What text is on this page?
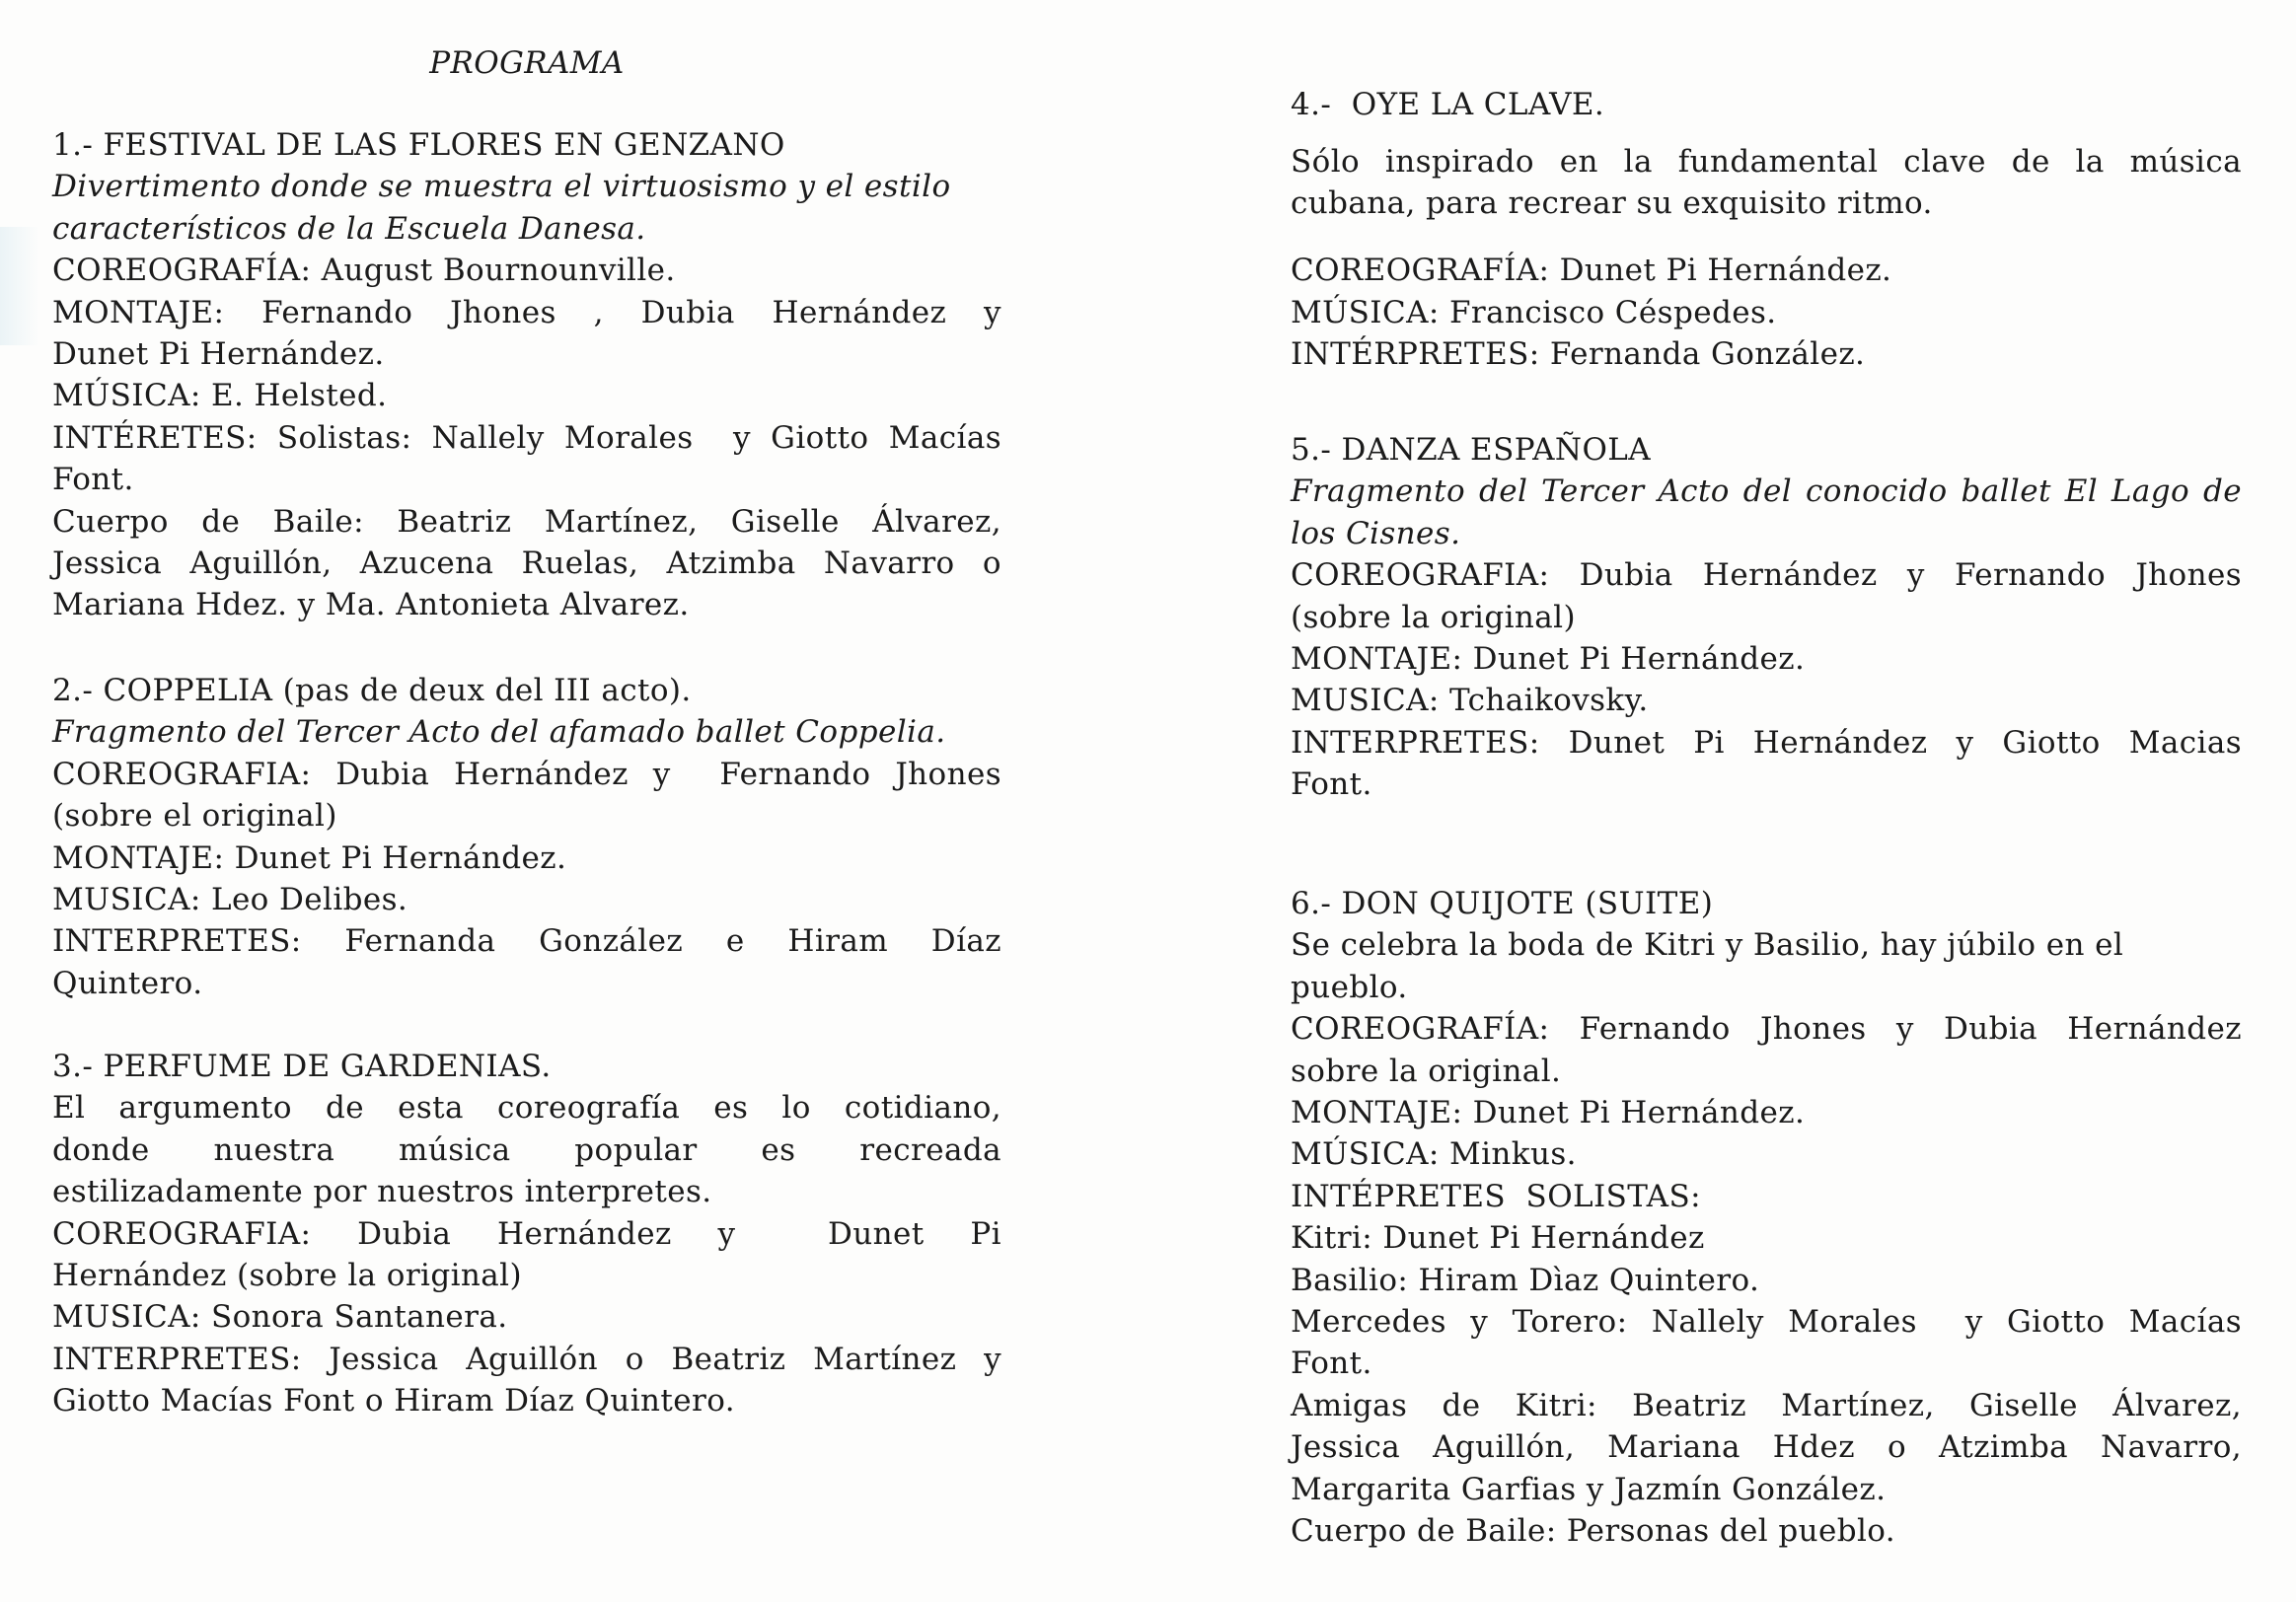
PROGRAMA
1.- FESTIVAL DE LAS FLORES EN GENZANO
Divertimento donde se muestra el virtuosismo y el estilo
característicos de la Escuela Danesa.
COREOGRAFÍA: August Bournounville.
MONTAJE: Fernando Jhones , Dubia Hernández y
Dunet Pi Hernández.
MÚSICA: E. Helsted.
INTÉRETES: Solistas: Nallely Morales  y Giotto Macías
Font.
Cuerpo de Baile: Beatriz Martínez, Giselle Álvarez,
Jessica Aguillón, Azucena Ruelas, Atzimba Navarro o
Mariana Hdez. y Ma. Antonieta Alvarez.
2.- COPPELIA (pas de deux del III acto).
Fragmento del Tercer Acto del afamado ballet Coppelia.
COREOGRAFIA: Dubia Hernández y  Fernando Jhones
(sobre el original)
MONTAJE: Dunet Pi Hernández.
MUSICA: Leo Delibes.
INTERPRETES: Fernanda González e Hiram Díaz
Quintero.
3.- PERFUME DE GARDENIAS.
El argumento de esta coreografía es lo cotidiano,
donde nuestra música popular es recreada
estilizadamente por nuestros interpretes.
COREOGRAFIA: Dubia Hernández y  Dunet Pi
Hernández (sobre la original)
MUSICA: Sonora Santanera.
INTERPRETES: Jessica Aguillón o Beatriz Martínez y
Giotto Macías Font o Hiram Díaz Quintero.
4.-  OYE LA CLAVE.
Sólo inspirado en la fundamental clave de la música
cubana, para recrear su exquisito ritmo.
COREOGRAFÍA: Dunet Pi Hernández.
MÚSICA: Francisco Céspedes.
INTÉRPRETES: Fernanda González.
5.- DANZA ESPAÑOLA
Fragmento del Tercer Acto del conocido ballet El Lago de
los Cisnes.
COREOGRAFIA: Dubia Hernández y Fernando Jhones
(sobre la original)
MONTAJE: Dunet Pi Hernández.
MUSICA: Tchaikovsky.
INTERPRETES: Dunet Pi Hernández y Giotto Macias
Font.
6.- DON QUIJOTE (SUITE)
Se celebra la boda de Kitri y Basilio, hay júbilo en el
pueblo.
COREOGRAFÍA: Fernando Jhones y Dubia Hernández
sobre la original.
MONTAJE: Dunet Pi Hernández.
MÚSICA: Minkus.
INTÉPRETES  SOLISTAS:
Kitri: Dunet Pi Hernández
Basilio: Hiram Dìaz Quintero.
Mercedes y Torero: Nallely Morales  y Giotto Macías
Font.
Amigas de Kitri: Beatriz Martínez, Giselle Álvarez,
Jessica Aguillón, Mariana Hdez o Atzimba Navarro,
Margarita Garfias y Jazmín González.
Cuerpo de Baile: Personas del pueblo.
